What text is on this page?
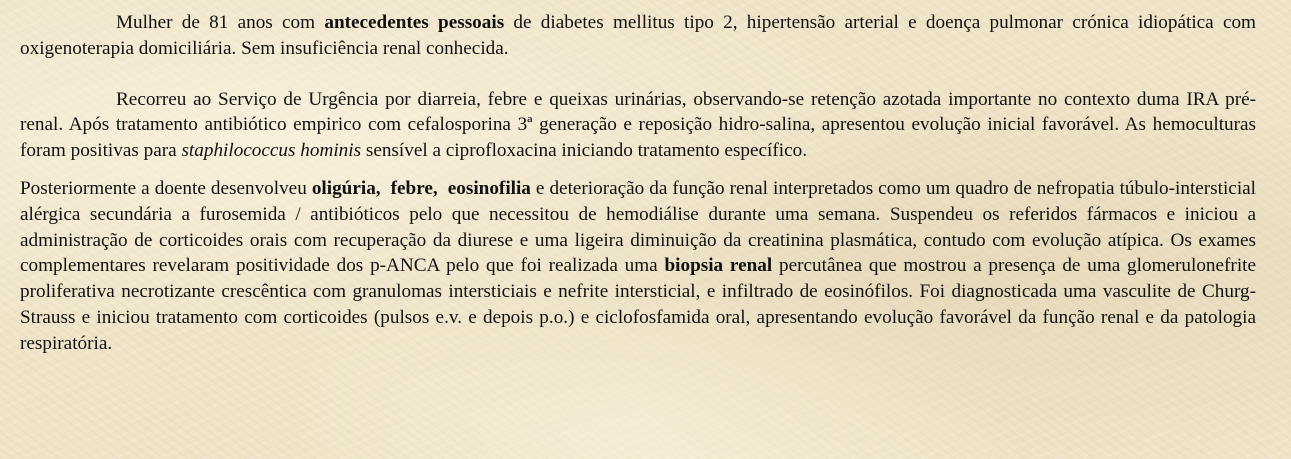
Mulher de 81 anos com antecedentes pessoais de diabetes mellitus tipo 2, hipertensão arterial e doença pulmonar crónica idiopática com oxigenoterapia domiciliária. Sem insuficiência renal conhecida.

Recorreu ao Serviço de Urgência por diarreia, febre e queixas urinárias, observando-se retenção azotada importante no contexto duma IRA pré-renal. Após tratamento antibiótico empirico com cefalosporina 3ª generação e reposição hidro-salina, apresentou evolução inicial favorável. As hemoculturas foram positivas para staphilococcus hominis sensível a ciprofloxacina iniciando tratamento específico.

Posteriormente a doente desenvolveu oligúria, febre, eosinofilia e deterioração da função renal interpretados como um quadro de nefropatia túbulo-intersticial alérgica secundária a furosemida / antibióticos pelo que necessitou de hemodiálise durante uma semana. Suspendeu os referidos fármacos e iniciou a administração de corticoides orais com recuperação da diurese e uma ligeira diminuição da creatinina plasmática, contudo com evolução atípica. Os exames complementares revelaram positividade dos p-ANCA pelo que foi realizada uma biopsia renal percutânea que mostrou a presença de uma glomerulonefrite proliferativa necrotizante crescêntica com granulomas intersticiais e nefrite intersticial, e infiltrado de eosinófilos. Foi diagnosticada uma vasculite de Churg-Strauss e iniciou tratamento com corticoides (pulsos e.v. e depois p.o.) e ciclofosfamida oral, apresentando evolução favorável da função renal e da patologia respiratória.
